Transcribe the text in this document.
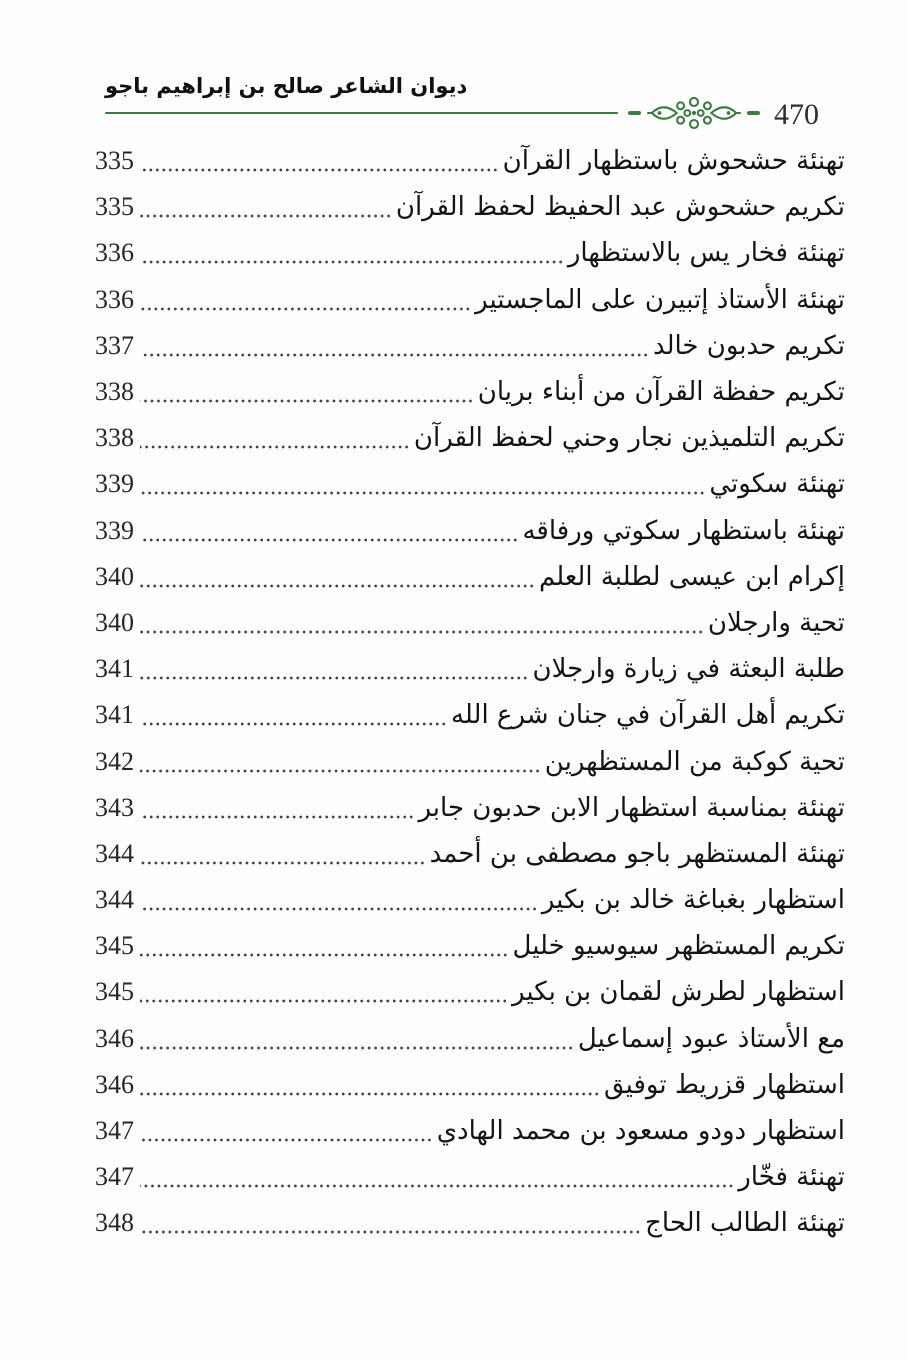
ديوان الشاعر صالح بن إبراهيم باجو
470
تهنئة حشحوش باستظهار القرآن
335
تكريم حشحوش عبد الحفيظ لحفظ القرآن
335
تهنئة فخار يس بالاستظهار
336
تهنئة الأستاذ إتبيرن على الماجستير
336
تكريم حدبون خالد
337
تكريم حفظة القرآن من أبناء بريان
338
تكريم التلميذين نجار وحني لحفظ القرآن
338
تهنئة سكوتي
339
تهنئة باستظهار سكوتي ورفاقه
339
إكرام ابن عيسى لطلبة العلم
340
تحية وارجلان
340
طلبة البعثة في زيارة وارجلان
341
تكريم أهل القرآن في جنان شرع الله
341
تحية كوكبة من المستظهرين
342
تهنئة بمناسبة استظهار الابن حدبون جابر
343
تهنئة المستظهر باجو مصطفى بن أحمد
344
استظهار بغباغة خالد بن بكير
344
تكريم المستظهر سيوسيو خليل
345
استظهار لطرش لقمان بن بكير
345
مع الأستاذ عبود إسماعيل
346
استظهار قزريط توفيق
346
استظهار دودو مسعود بن محمد الهادي
347
تهنئة فخّار
347
تهنئة الطالب الحاج
348
